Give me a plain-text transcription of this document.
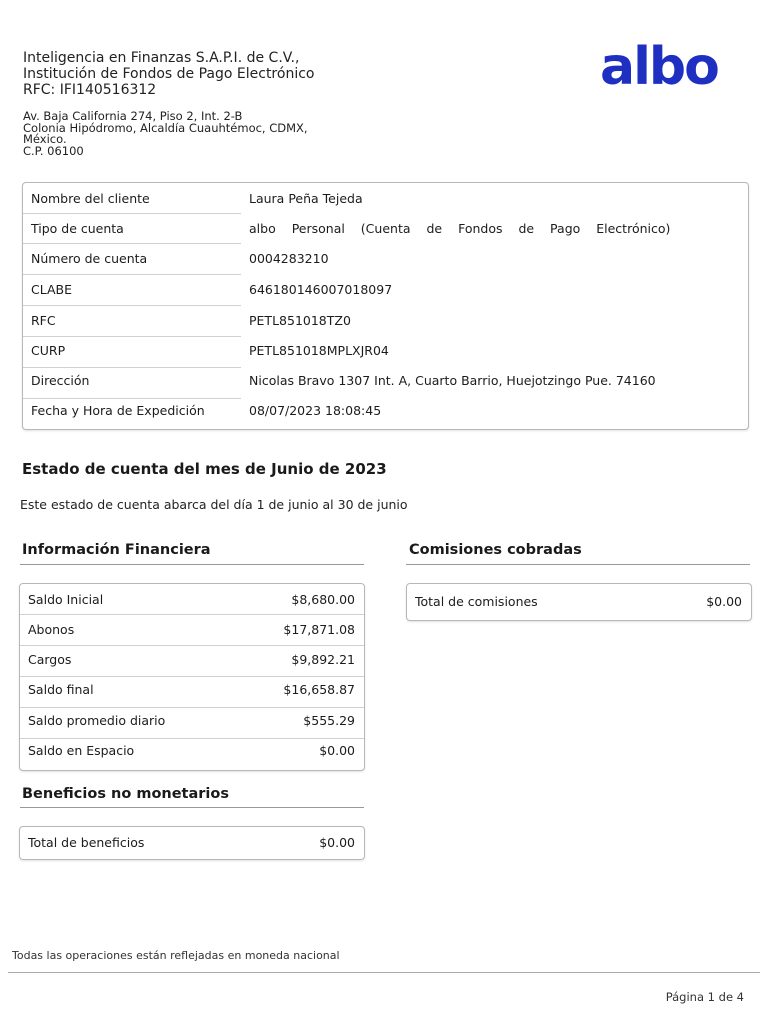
Inteligencia en Finanzas S.A.P.I. de C.V.,
Institución de Fondos de Pago Electrónico
RFC: IFI140516312
Av. Baja California 274, Piso 2, Int. 2-B
Colonia Hipódromo, Alcaldía Cuauhtémoc, CDMX,
México.
C.P. 06100
albo
Nombre del cliente	Laura Peña Tejeda
Tipo de cuenta	albo Personal (Cuenta de Fondos de Pago Electrónico)
Número de cuenta	0004283210
CLABE	646180146007018097
RFC	PETL851018TZ0
CURP	PETL851018MPLXJR04
Dirección	Nicolas Bravo 1307 Int. A, Cuarto Barrio, Huejotzingo Pue. 74160
Fecha y Hora de Expedición	08/07/2023 18:08:45
Estado de cuenta del mes de Junio de 2023
Este estado de cuenta abarca del día 1 de junio al 30 de junio
Información Financiera
Saldo Inicial	$8,680.00
Abonos	$17,871.08
Cargos	$9,892.21
Saldo final	$16,658.87
Saldo promedio diario	$555.29
Saldo en Espacio	$0.00
Comisiones cobradas
Total de comisiones	$0.00
Beneficios no monetarios
Total de beneficios	$0.00
Todas las operaciones están reflejadas en moneda nacional
Página 1 de 4
